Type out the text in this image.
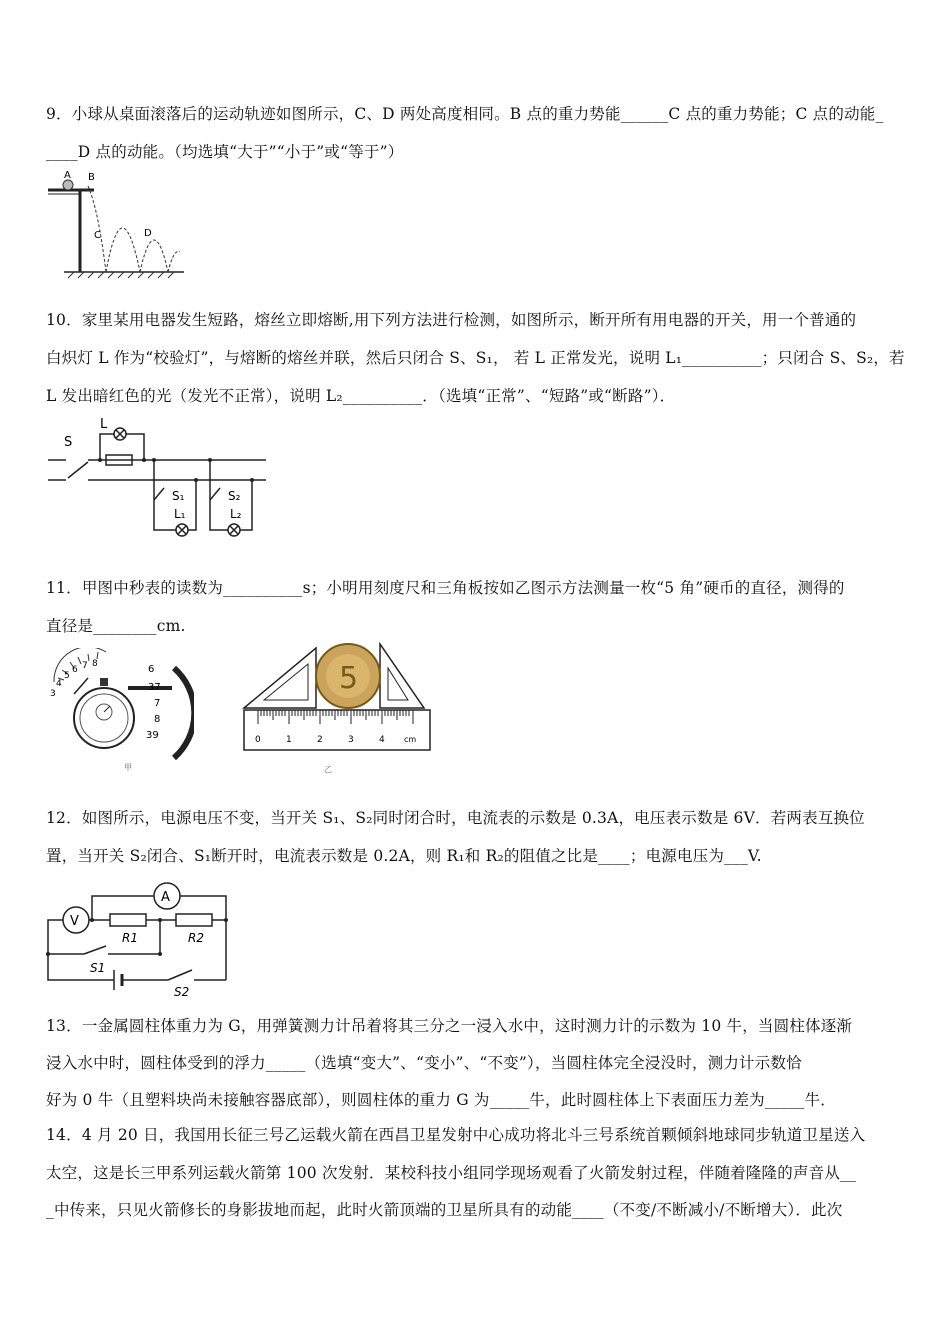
9．小球从桌面滚落后的运动轨迹如图所示，C、D 两处高度相同。B 点的重力势能______C 点的重力势能；C 点的动能_
____D 点的动能。（均选填“大于”“小于”或“等于”）
A B
C	D
10．家里某用电器发生短路，熔丝立即熔断,用下列方法进行检测，如图所示，断开所有用电器的开关，用一个普通的
白炽灯 L 作为“校验灯”，与熔断的熔丝并联，然后只闭合 S、S₁， 若 L 正常发光，说明 L₁__________；只闭合 S、S₂，若
L 发出暗红色的光（发光不正常），说明 L₂__________．（选填“正常”、“短路”或“断路”）．
S
L
S₁
L₁
S₂
L₂
11．甲图中秒表的读数为__________s；小明用刻度尺和三角板按如乙图示方法测量一枚“5 角”硬币的直径，测得的
直径是________cm.
3
4
5
6 7 8	6
37
7
8
39
甲
5
0	1	2	3	4 cm
乙
12．如图所示，电源电压不变，当开关 S₁、S₂同时闭合时，电流表的示数是 0.3A，电压表示数是 6V．若两表互换位
置，当开关 S₂闭合、S₁断开时，电流表示数是 0.2A，则 R₁和 R₂的阻值之比是____；电源电压为___V.
A
V
R1	R2
S1
S2
13．一金属圆柱体重力为 G，用弹簧测力计吊着将其三分之一浸入水中，这时测力计的示数为 10 牛，当圆柱体逐渐
浸入水中时，圆柱体受到的浮力_____（选填“变大”、“变小”、“不变”），当圆柱体完全浸没时，测力计示数恰
好为 0 牛（且塑料块尚未接触容器底部），则圆柱体的重力 G 为_____牛，此时圆柱体上下表面压力差为_____牛．
14．4 月 20 日，我国用长征三号乙运载火箭在西昌卫星发射中心成功将北斗三号系统首颗倾斜地球同步轨道卫星送入
太空，这是长三甲系列运载火箭第 100 次发射．某校科技小组同学现场观看了火箭发射过程，伴随着隆隆的声音从__
_中传来，只见火箭修长的身影拔地而起，此时火箭顶端的卫星所具有的动能____（不变/不断减小/不断增大）．此次
